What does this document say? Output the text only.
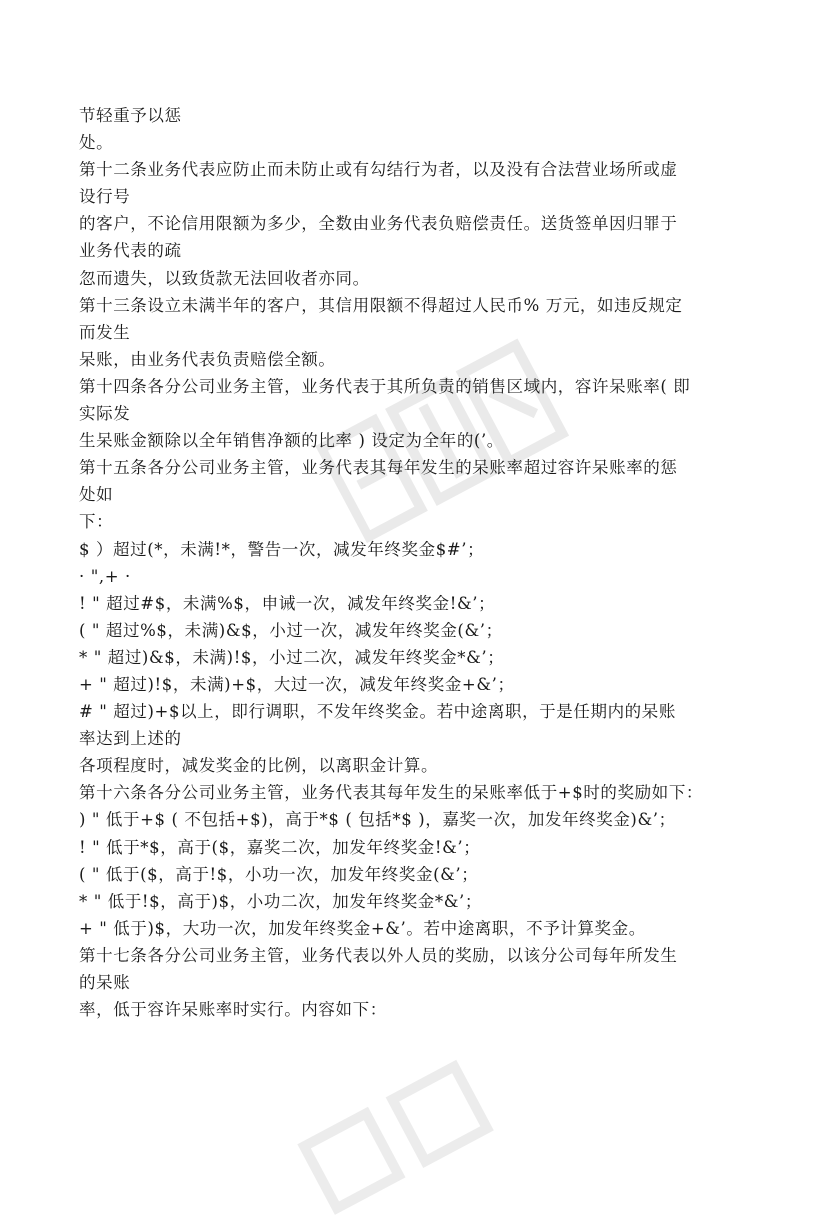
节轻重予以惩
处。
第十二条业务代表应防止而未防止或有勾结行为者，以及没有合法营业场所或虚
设行号
的客户，不论信用限额为多少，全数由业务代表负赔偿责任。送货签单因归罪于
业务代表的疏
忽而遗失，以致货款无法回收者亦同。
第十三条设立未满半年的客户，其信用限额不得超过人民币% 万元，如违反规定
而发生
呆账，由业务代表负责赔偿全额。
第十四条各分公司业务主管，业务代表于其所负责的销售区域内，容许呆账率( 即
实际发
生呆账金额除以全年销售净额的比率 ) 设定为全年的(’。
第十五条各分公司业务主管，业务代表其每年发生的呆账率超过容许呆账率的惩
处如
下：
$ ）超过(*，未满!*，警告一次，减发年终奖金$#’；
· ",+ ·
! " 超过#$，未满%$，申诫一次，减发年终奖金!&’；
( " 超过%$，未满)&$，小过一次，减发年终奖金(&’；
* " 超过)&$，未满)!$，小过二次，减发年终奖金*&’；
+ " 超过)!$，未满)+$，大过一次，减发年终奖金+&’；
# " 超过)+$以上，即行调职，不发年终奖金。若中途离职，于是任期内的呆账
率达到上述的
各项程度时，减发奖金的比例，以离职金计算。
第十六条各分公司业务主管，业务代表其每年发生的呆账率低于+$时的奖励如下：
) " 低于+$ ( 不包括+$)，高于*$ ( 包括*$ )，嘉奖一次，加发年终奖金)&’；
! " 低于*$，高于($，嘉奖二次，加发年终奖金!&’；
( " 低于($，高于!$，小功一次，加发年终奖金(&’；
* " 低于!$，高于)$，小功二次，加发年终奖金*&’；
+ " 低于)$，大功一次，加发年终奖金+&’。若中途离职，不予计算奖金。
第十七条各分公司业务主管，业务代表以外人员的奖励，以该分公司每年所发生
的呆账
率，低于容许呆账率时实行。内容如下：
